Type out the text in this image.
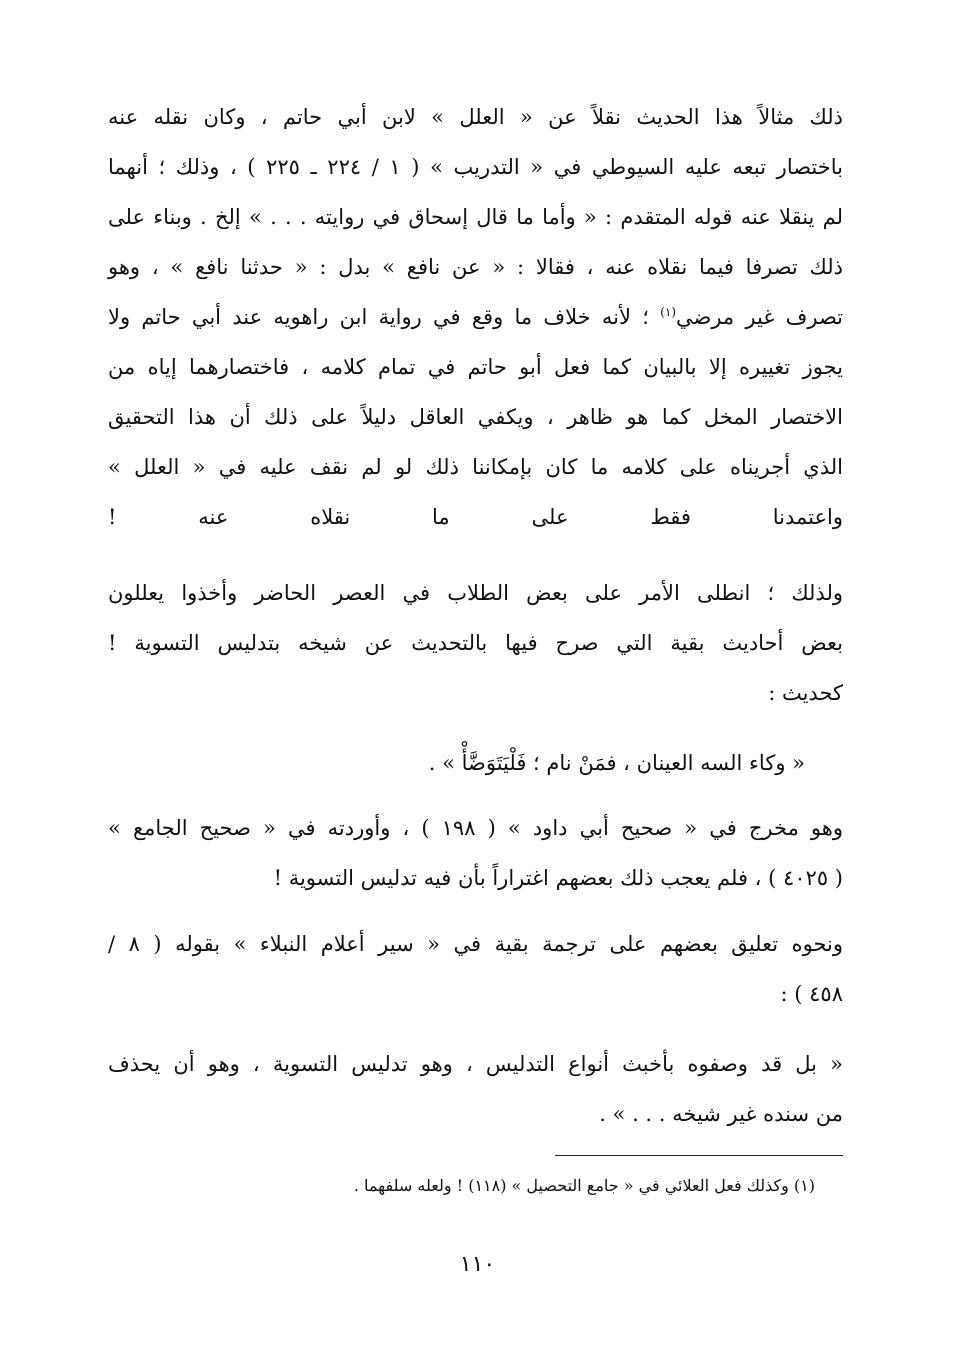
ذلك مثالاً هذا الحديث نقلاً عن « العلل » لابن أبي حاتم ، وكان نقله عنه
باختصار تبعه عليه السيوطي في « التدريب » ( ١ / ٢٢٤ ـ ٢٢٥ ) ، وذلك ؛ أنهما
لم ينقلا عنه قوله المتقدم : « وأما ما قال إسحاق في روايته . . . » إلخ . وبناء على
ذلك تصرفا فيما نقلاه عنه ، فقالا : « عن نافع » بدل : « حدثنا نافع » ، وهو
تصرف غير مرضي$^{(١)}$ ؛ لأنه خلاف ما وقع في رواية ابن راهويه عند أبي حاتم ولا
يجوز تغييره إلا بالبيان كما فعل أبو حاتم في تمام كلامه ، فاختصارهما إياه من
الاختصار المخل كما هو ظاهر ، ويكفي العاقل دليلاً على ذلك أن هذا التحقيق
الذي أجريناه على كلامه ما كان بإمكاننا ذلك لو لم نقف عليه في « العلل »
واعتمدنا فقط على ما نقلاه عنه !
ولذلك ؛ انطلى الأمر على بعض الطلاب في العصر الحاضر وأخذوا يعللون
بعض أحاديث بقية التي صرح فيها بالتحديث عن شيخه بتدليس التسوية !
كحديث :
« وكاء السه العينان ، فمَنْ نام ؛ فَلْيَتَوَضَّأْ » .
وهو مخرج في « صحيح أبي داود » ( ١٩٨ ) ، وأوردته في « صحيح الجامع »
( ٤٠٢٥ ) ، فلم يعجب ذلك بعضهم اغتراراً بأن فيه تدليس التسوية !
ونحوه تعليق بعضهم على ترجمة بقية في « سير أعلام النبلاء » بقوله ( ٨ /
٤٥٨ ) :
« بل قد وصفوه بأخبث أنواع التدليس ، وهو تدليس التسوية ، وهو أن يحذف
من سنده غير شيخه . . . » .
(١) وكذلك فعل العلائي في « جامع التحصيل » (١١٨) ! ولعله سلفهما .
١١٠
